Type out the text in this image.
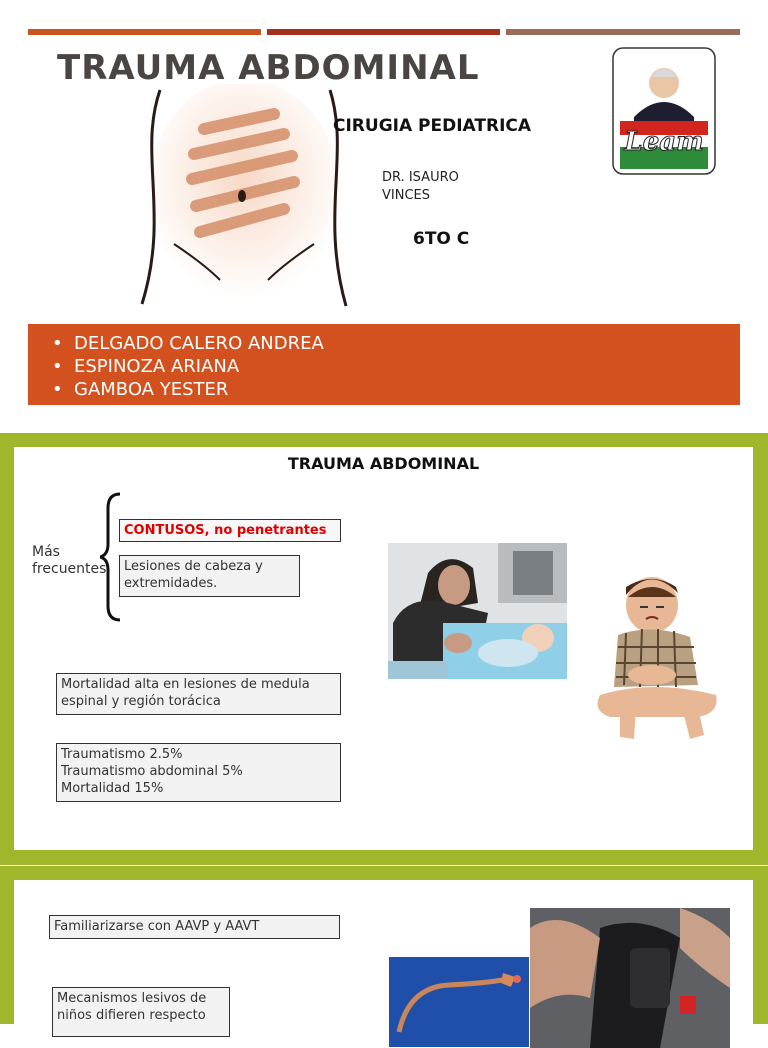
TRAUMA ABDOMINAL
CIRUGIA PEDIATRICA
DR. ISAURO VINCES
6TO C
Leam
• DELGADO CALERO ANDREA
• ESPINOZA ARIANA
• GAMBOA YESTER
TRAUMA ABDOMINAL
Más frecuentes
CONTUSOS, no penetrantes
Lesiones de cabeza y extremidades.
Mortalidad alta en lesiones de medula espinal y región torácica
Traumatismo 2.5%
Traumatismo abdominal 5%
Mortalidad 15%
Familiarizarse con AAVP y AAVT
Mecanismos lesivos de niños difieren respecto
